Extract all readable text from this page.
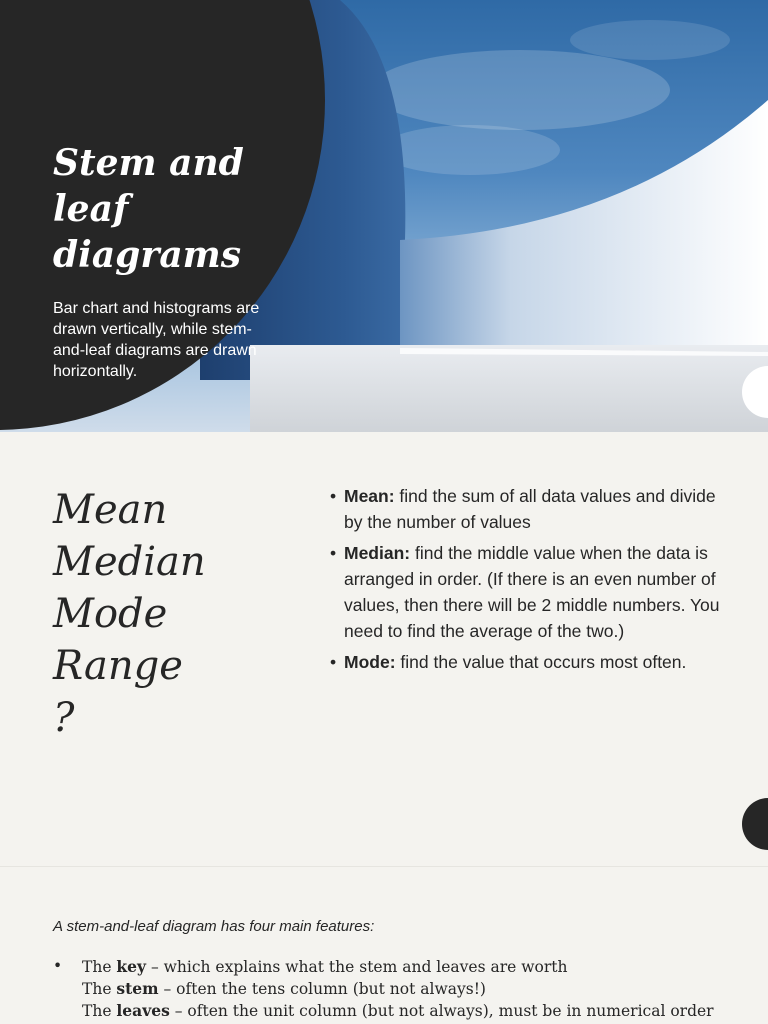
Stem and
leaf
diagrams

Bar chart and histograms are drawn vertically, while stem-and-leaf diagrams are drawn horizontally.

Mean
Median
Mode
Range
?
• Mean: find the sum of all data values and divide by the number of values
• Median: find the middle value when the data is arranged in order. (If there is an even number of values, then there will be 2 middle numbers. You need to find the average of the two.)
• Mode: find the value that occurs most often.

A stem-and-leaf diagram has four main features:

• The key – which explains what the stem and leaves are worth
The stem – often the tens column (but not always!)
The leaves – often the unit column (but not always), must be in numerical order
